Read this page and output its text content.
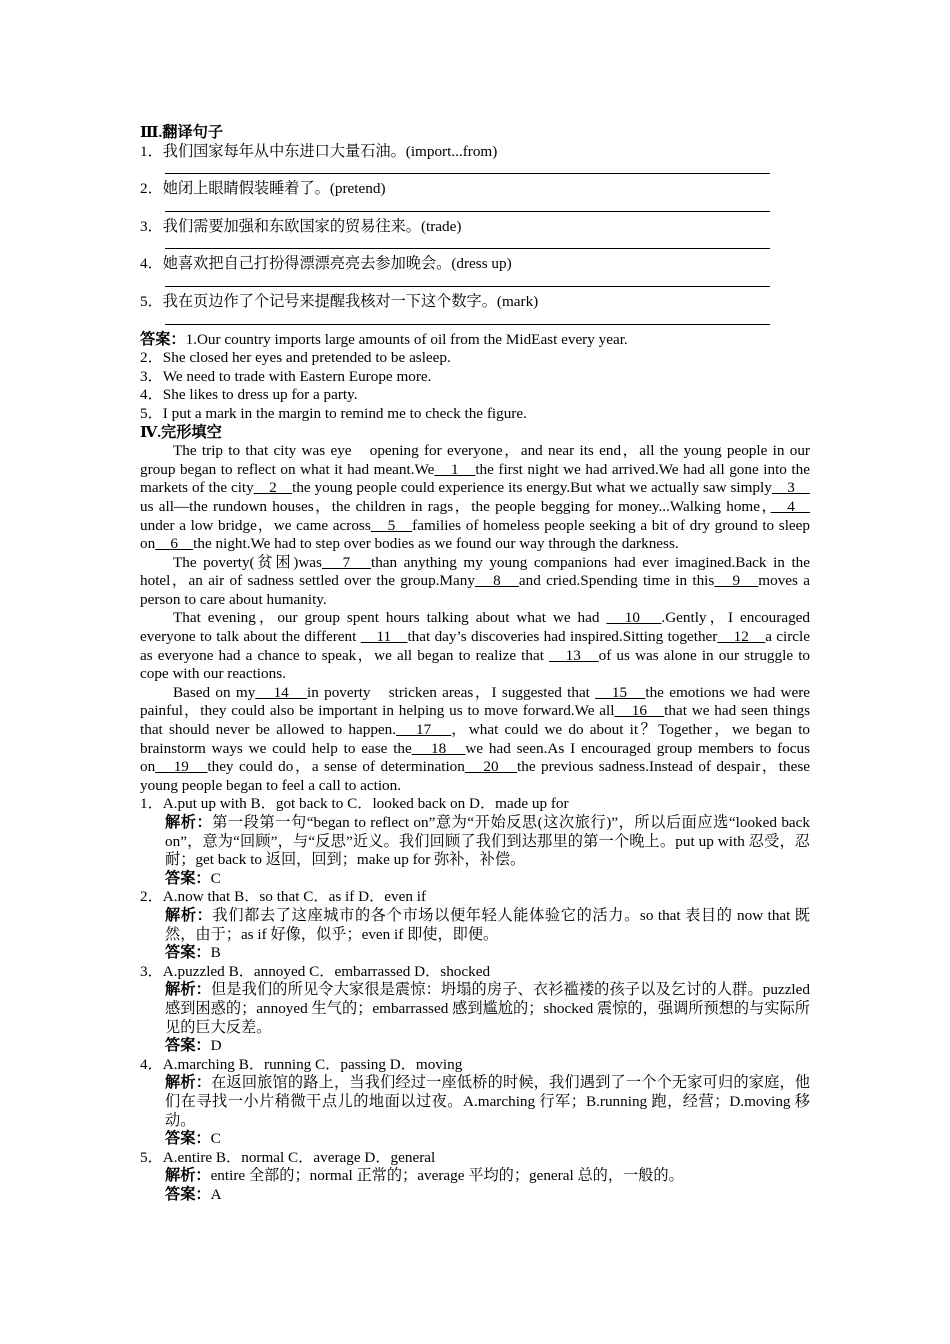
Ⅲ.翻译句子
1．我们国家每年从中东进口大量石油。(import...from)
2．她闭上眼睛假装睡着了。(pretend)
3．我们需要加强和东欧国家的贸易往来。(trade)
4．她喜欢把自己打扮得漂漂亮亮去参加晚会。(dress up)
5．我在页边作了个记号来提醒我核对一下这个数字。(mark)
答案：1.Our country imports large amounts of oil from the MidEast every year.
2．She closed her eyes and pretended to be asleep.
3．We need to trade with Eastern Europe more.
4．She likes to dress up for a party.
5．I put a mark in the margin to remind me to check the figure.
Ⅳ.完形填空
The trip to that city was eye　opening for everyone，and near its end，all the young people in our group began to reflect on what it had meant.We　1　the first night we had arrived.We had all gone into the markets of the city　2　the young people could experience its energy.But what we actually saw simply　3　us all—the rundown houses，the children in rags，the people begging for money...Walking home，　4　under a low bridge，we came across　5　families of homeless people seeking a bit of dry ground to sleep on　6　the night.We had to step over bodies as we found our way through the darkness.
The poverty(贫困)was　7　than anything my young companions had ever imagined.Back in the hotel，an air of sadness settled over the group.Many　8　and cried.Spending time in this　9　moves a person to care about humanity.
That evening，our group spent hours talking about what we had 　10　.Gently，I encouraged everyone to talk about the different 　11　that day’s discoveries had inspired.Sitting together　12　a circle as everyone had a chance to speak，we all began to realize that 　13　of us was alone in our struggle to cope with our reactions.
Based on my　14　in poverty　stricken areas，I suggested that 　15　the emotions we had were painful，they could also be important in helping us to move forward.We all　16　that we had seen things that should never be allowed to happen.　17　，what could we do about it？Together，we began to brainstorm ways we could help to ease the　18　we had seen.As I encouraged group members to focus on　19　they could do，a sense of determination　20　the previous sadness.Instead of despair，these young people began to feel a call to action.
1．A.put up with B．got back to C．looked back on D．made up for
解析：第一段第一句“began to reflect on”意为“开始反思(这次旅行)”，所以后面应选“looked back on”，意为“回顾”，与“反思”近义。我们回顾了我们到达那里的第一个晚上。put up with 忍受，忍耐；get back to 返回，回到；make up for 弥补，补偿。
答案：C
2．A.now that B．so that C．as if D．even if
解析：我们都去了这座城市的各个市场以便年轻人能体验它的活力。so that 表目的 now that 既然，由于；as if 好像，似乎；even if 即使，即便。
答案：B
3．A.puzzled B．annoyed C．embarrassed D．shocked
解析：但是我们的所见令大家很是震惊：坍塌的房子、衣衫褴褛的孩子以及乞讨的人群。puzzled 感到困惑的；annoyed 生气的；embarrassed 感到尴尬的；shocked 震惊的，强调所预想的与实际所见的巨大反差。
答案：D
4．A.marching B．running C．passing D．moving
解析：在返回旅馆的路上，当我们经过一座低桥的时候，我们遇到了一个个无家可归的家庭，他们在寻找一小片稍微干点儿的地面以过夜。A.marching 行军；B.running 跑，经营；D.moving 移动。
答案：C
5．A.entire B．normal C．average D．general
解析：entire 全部的；normal 正常的；average 平均的；general 总的，一般的。
答案：A
